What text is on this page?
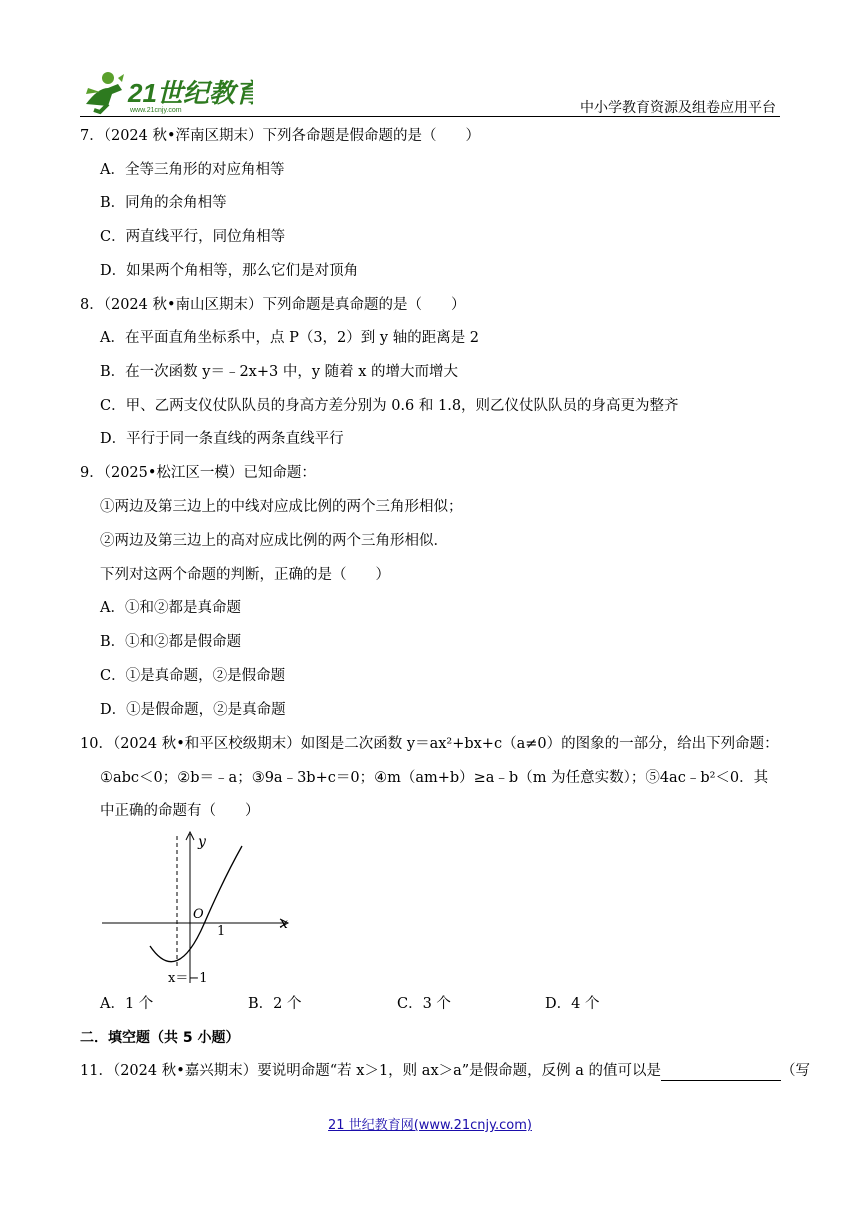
21世纪教育
www.21cnjy.com	中小学教育资源及组卷应用平台
7．（2024 秋•浑南区期末）下列各命题是假命题的是（　　）
A．全等三角形的对应角相等
B．同角的余角相等
C．两直线平行，同位角相等
D．如果两个角相等，那么它们是对顶角
8．（2024 秋•南山区期末）下列命题是真命题的是（　　）
A．在平面直角坐标系中，点 P（3，2）到 y 轴的距离是 2
B．在一次函数 y＝﹣2x+3 中，y 随着 x 的增大而增大
C．甲、乙两支仪仗队队员的身高方差分别为 0.6 和 1.8，则乙仪仗队队员的身高更为整齐
D．平行于同一条直线的两条直线平行
9．（2025•松江区一模）已知命题：
①两边及第三边上的中线对应成比例的两个三角形相似；
②两边及第三边上的高对应成比例的两个三角形相似．
下列对这两个命题的判断，正确的是（　　）
A．①和②都是真命题
B．①和②都是假命题
C．①是真命题，②是假命题
D．①是假命题，②是真命题
10．（2024 秋•和平区校级期末）如图是二次函数 y＝ax²+bx+c（a≠0）的图象的一部分，给出下列命题：
①abc＜0；②b＝﹣a；③9a﹣3b+c＝0；④m（am+b）≥a﹣b（m 为任意实数）；⑤4ac﹣b²＜0．其
中正确的命题有（　　）
y
x
O
1
x＝−1
A．1 个	B．2 个	C．3 个	D．4 个
二．填空题（共 5 小题）
11．（2024 秋•嘉兴期末）要说明命题“若 x＞1，则 ax＞a”是假命题，反例 a 的值可以是	（写
21 世纪教育网(www.21cnjy.com)
